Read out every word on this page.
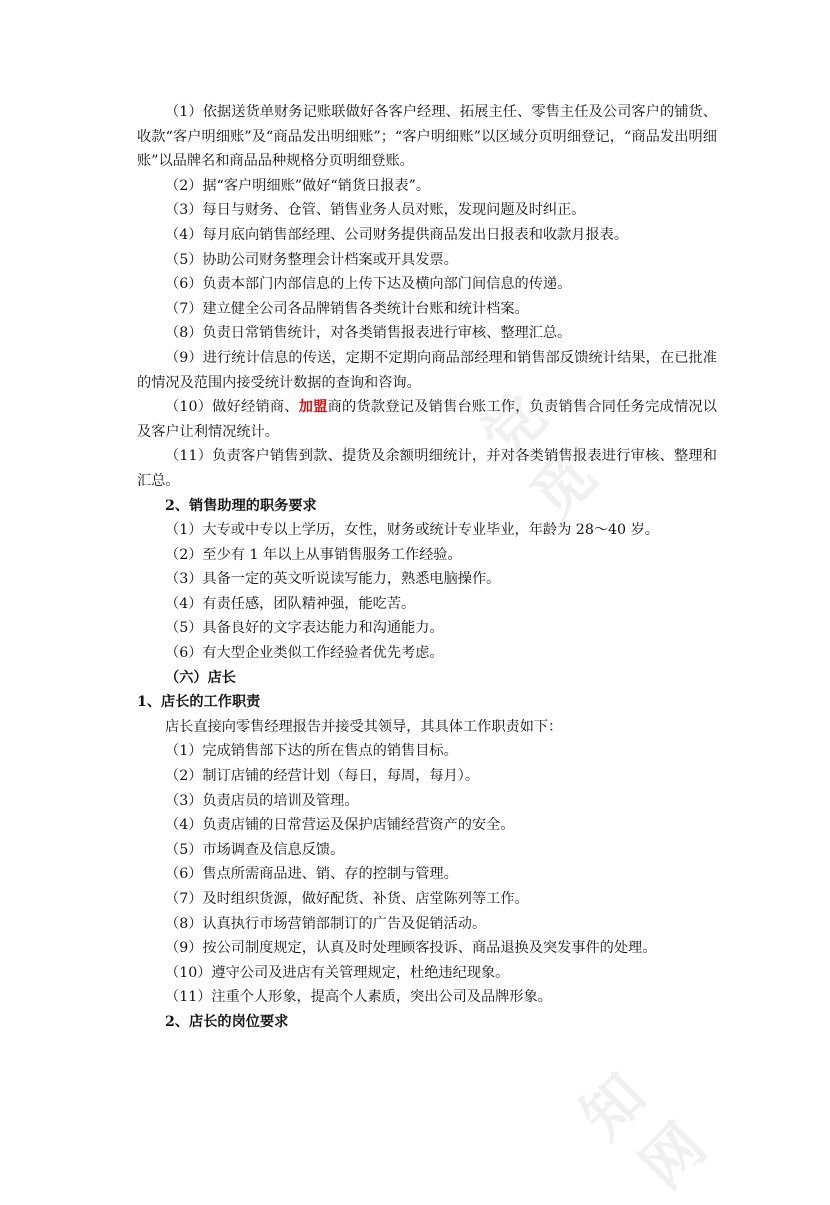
党
觅
知
网

（1）依据送货单财务记账联做好各客户经理、拓展主任、零售主任及公司客户的铺货、收款“客户明细账”及“商品发出明细账”；“客户明细账”以区域分页明细登记，“商品发出明细账”以品牌名和商品品种规格分页明细登账。

（2）据“客户明细账”做好“销货日报表”。

（3）每日与财务、仓管、销售业务人员对账，发现问题及时纠正。

（4）每月底向销售部经理、公司财务提供商品发出日报表和收款月报表。

（5）协助公司财务整理会计档案或开具发票。

（6）负责本部门内部信息的上传下达及横向部门间信息的传递。

（7）建立健全公司各品牌销售各类统计台账和统计档案。

（8）负责日常销售统计，对各类销售报表进行审核、整理汇总。

（9）进行统计信息的传送，定期不定期向商品部经理和销售部反馈统计结果，在已批准的情况及范围内接受统计数据的查询和咨询。

（10）做好经销商、加盟商的货款登记及销售台账工作，负责销售合同任务完成情况以及客户让利情况统计。

（11）负责客户销售到款、提货及余额明细统计，并对各类销售报表进行审核、整理和汇总。

2、销售助理的职务要求

（1）大专或中专以上学历，女性，财务或统计专业毕业，年龄为 28～40 岁。

（2）至少有 1 年以上从事销售服务工作经验。

（3）具备一定的英文听说读写能力，熟悉电脑操作。

（4）有责任感，团队精神强，能吃苦。

（5）具备良好的文字表达能力和沟通能力。

（6）有大型企业类似工作经验者优先考虑。

（六）店长

1、店长的工作职责

店长直接向零售经理报告并接受其领导，其具体工作职责如下：

（1）完成销售部下达的所在售点的销售目标。

（2）制订店铺的经营计划（每日，每周，每月）。

（3）负责店员的培训及管理。

（4）负责店铺的日常营运及保护店铺经营资产的安全。

（5）市场调查及信息反馈。

（6）售点所需商品进、销、存的控制与管理。

（7）及时组织货源，做好配货、补货、店堂陈列等工作。

（8）认真执行市场营销部制订的广告及促销活动。

（9）按公司制度规定，认真及时处理顾客投诉、商品退换及突发事件的处理。

（10）遵守公司及进店有关管理规定，杜绝违纪现象。

（11）注重个人形象，提高个人素质，突出公司及品牌形象。

2、店长的岗位要求
